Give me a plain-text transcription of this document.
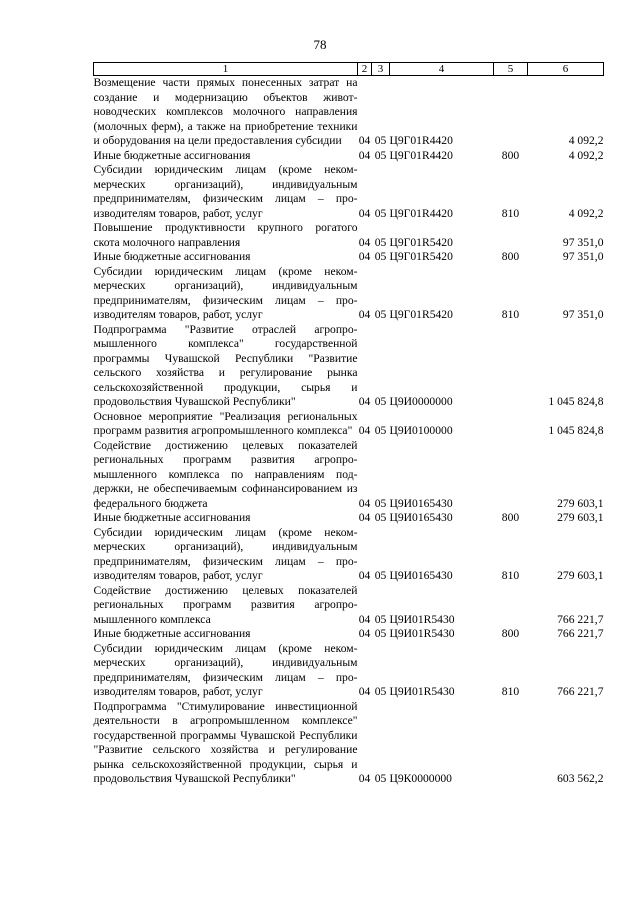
78
1	2	3	4	5	6
Возмещение части прямых понесенных затрат на создание и модернизацию объектов животноводческих комплексов молочного направления (молочных ферм), а также на приобретение техники и оборудования на цели предоставления субсидии	04	05	Ц9Г01R4420		4 092,2
Иные бюджетные ассигнования	04	05	Ц9Г01R4420	800	4 092,2
Субсидии юридическим лицам (кроме некоммерческих организаций), индивидуальным предпринимателям, физическим лицам – производителям товаров, работ, услуг	04	05	Ц9Г01R4420	810	4 092,2
Повышение продуктивности крупного рогатого скота молочного направления	04	05	Ц9Г01R5420		97 351,0
Иные бюджетные ассигнования	04	05	Ц9Г01R5420	800	97 351,0
Субсидии юридическим лицам (кроме некоммерческих организаций), индивидуальным предпринимателям, физическим лицам – производителям товаров, работ, услуг	04	05	Ц9Г01R5420	810	97 351,0
Подпрограмма "Развитие отраслей агропромышленного комплекса" государственной программы Чувашской Республики "Развитие сельского хозяйства и регулирование рынка сельскохозяйственной продукции, сырья и продовольствия Чувашской Республики"	04	05	Ц9И0000000		1 045 824,8
Основное мероприятие "Реализация региональных программ развития агропромышленного комплекса"	04	05	Ц9И0100000		1 045 824,8
Содействие достижению целевых показателей региональных программ развития агропромышленного комплекса по направлениям поддержки, не обеспечиваемым софинансированием из федерального бюджета	04	05	Ц9И0165430		279 603,1
Иные бюджетные ассигнования	04	05	Ц9И0165430	800	279 603,1
Субсидии юридическим лицам (кроме некоммерческих организаций), индивидуальным предпринимателям, физическим лицам – производителям товаров, работ, услуг	04	05	Ц9И0165430	810	279 603,1
Содействие достижению целевых показателей региональных программ развития агропромышленного комплекса	04	05	Ц9И01R5430		766 221,7
Иные бюджетные ассигнования	04	05	Ц9И01R5430	800	766 221,7
Субсидии юридическим лицам (кроме некоммерческих организаций), индивидуальным предпринимателям, физическим лицам – производителям товаров, работ, услуг	04	05	Ц9И01R5430	810	766 221,7
Подпрограмма "Стимулирование инвестиционной деятельности в агропромышленном комплексе" государственной программы Чувашской Республики "Развитие сельского хозяйства и регулирование рынка сельскохозяйственной продукции, сырья и продовольствия Чувашской Республики"	04	05	Ц9К0000000		603 562,2
